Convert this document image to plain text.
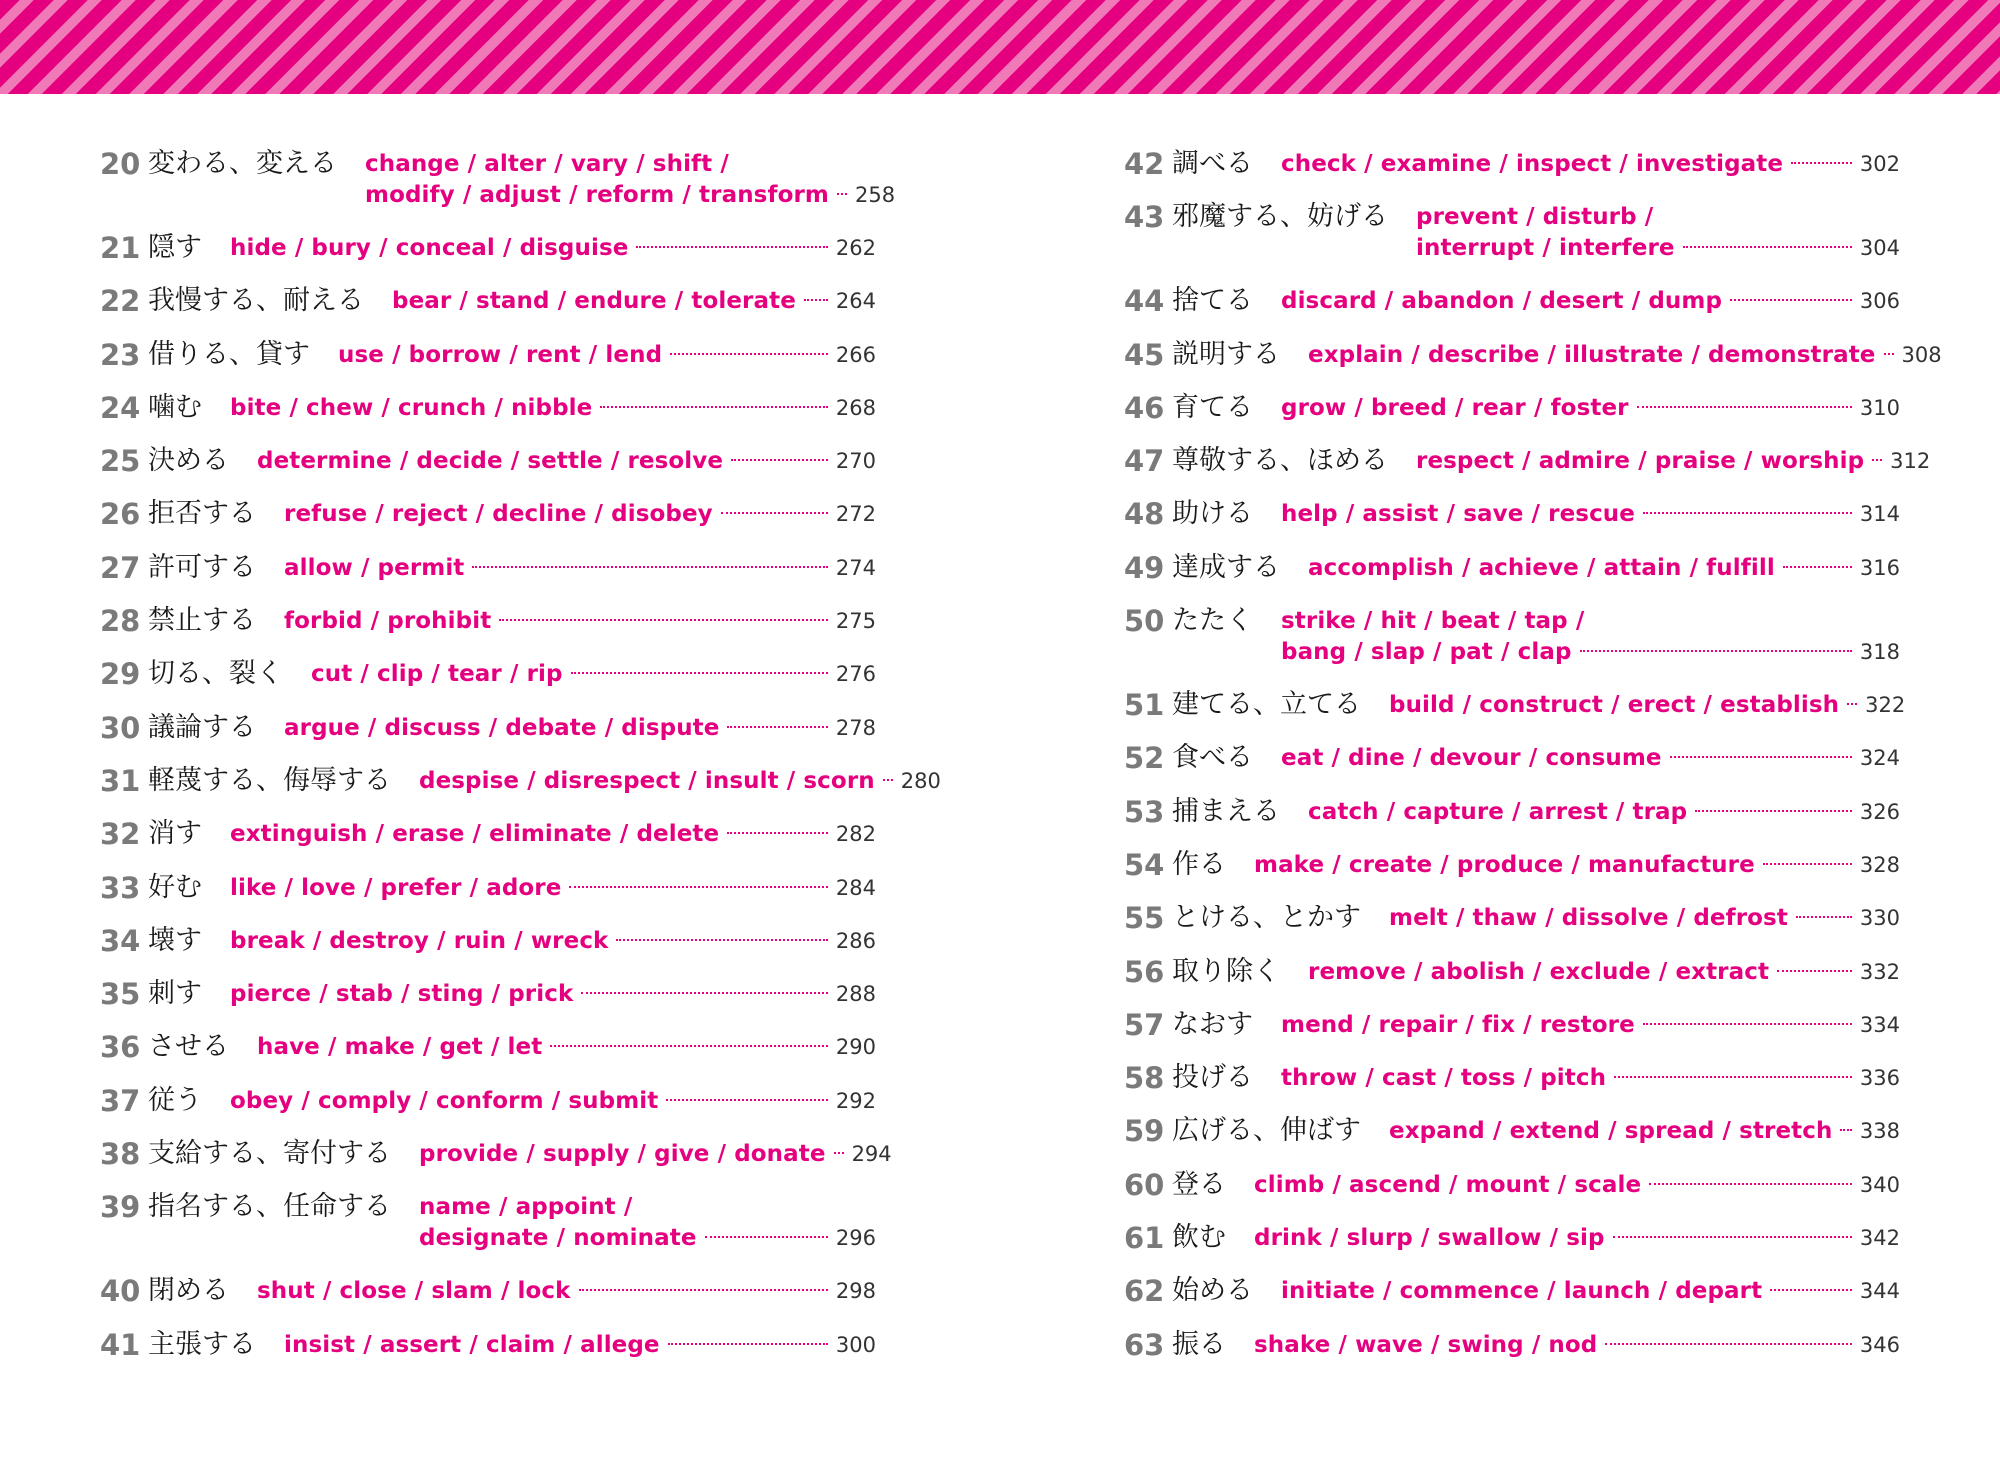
20 変わる、変える change / alter / vary / shift /
modify / adjust / reform / transform 258
21 隠す hide / bury / conceal / disguise	262
22 我慢する、耐える bear / stand / endure / tolerate 264
23 借りる、貸す use / borrow / rent / lend	266
24 噛む bite / chew / crunch / nibble	268
25 決める determine / decide / settle / resolve	270
26 拒否する refuse / reject / decline / disobey	272
27 許可する allow / permit	274
28 禁止する forbid / prohibit	275
29 切る、裂く cut / clip / tear / rip	276
30 議論する argue / discuss / debate / dispute	278
31 軽蔑する、侮辱する despise / disrespect / insult / scorn 280
32 消す extinguish / erase / eliminate / delete	282
33 好む like / love / prefer / adore	284
34 壊す break / destroy / ruin / wreck	286
35 刺す pierce / stab / sting / prick	288
36 させる have / make / get / let	290
37 従う obey / comply / conform / submit	292
38 支給する、寄付する provide / supply / give / donate 294
39 指名する、任命する name / appoint /
designate / nominate	296
40 閉める shut / close / slam / lock	298
41 主張する insist / assert / claim / allege	300
42 調べる check / examine / inspect / investigate	302
43 邪魔する、妨げる prevent / disturb /
interrupt / interfere	304
44 捨てる discard / abandon / desert / dump	306
45 説明する explain / describe / illustrate / demonstrate 308
46 育てる grow / breed / rear / foster	310
47 尊敬する、ほめる respect / admire / praise / worship 312
48 助ける help / assist / save / rescue	314
49 達成する accomplish / achieve / attain / fulfill	316
50 たたく strike / hit / beat / tap /
bang / slap / pat / clap	318
51 建てる、立てる build / construct / erect / establish 322
52 食べる eat / dine / devour / consume	324
53 捕まえる catch / capture / arrest / trap	326
54 作る make / create / produce / manufacture	328
55 とける、とかす melt / thaw / dissolve / defrost	330
56 取り除く remove / abolish / exclude / extract	332
57 なおす mend / repair / fix / restore	334
58 投げる throw / cast / toss / pitch	336
59 広げる、伸ばす expand / extend / spread / stretch 338
60 登る climb / ascend / mount / scale	340
61 飲む drink / slurp / swallow / sip	342
62 始める initiate / commence / launch / depart	344
63 振る shake / wave / swing / nod	346
